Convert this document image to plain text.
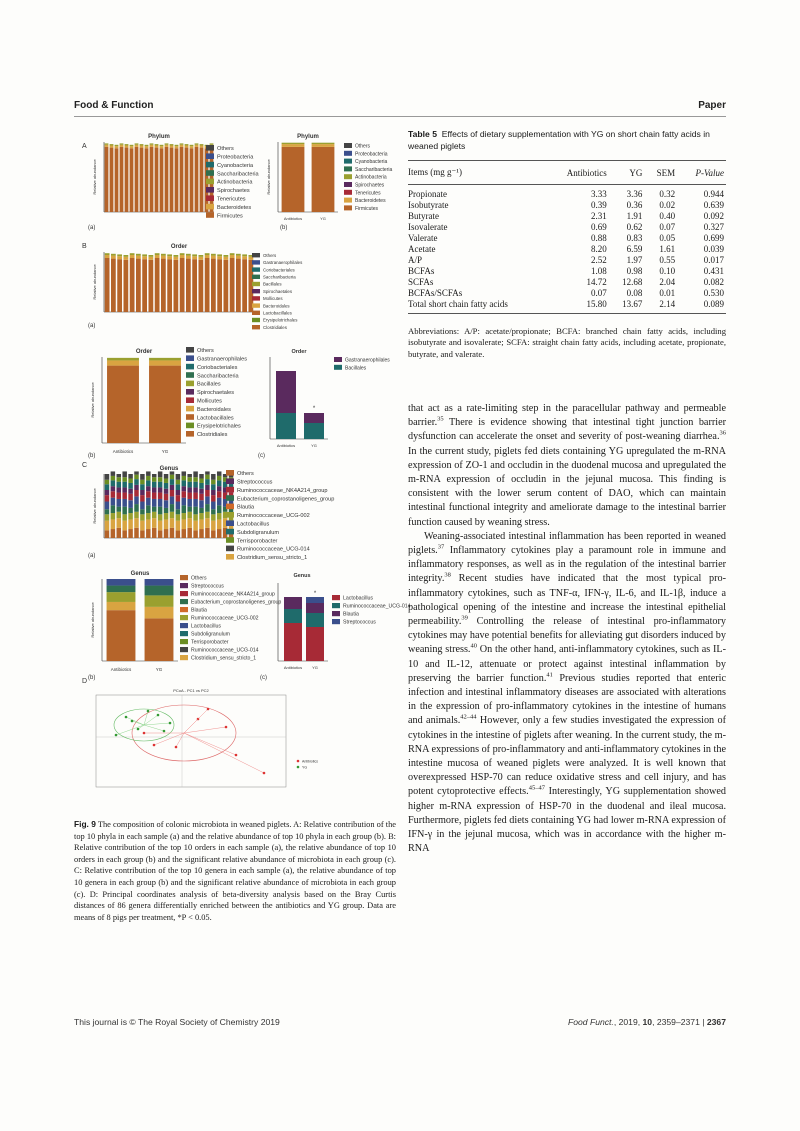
Food & Function	Paper
A
Phylum
Relative abundance
Others
Proteobacteria
Cyanobacteria
Saccharibacteria
Actinobacteria
Spirochaetes
Tenericutes
Bacteroidetes
Firmicutes
(a)
Phylum
Relative abundance
Antibiotics	YG
Others
Proteobacteria
Cyanobacteria
Saccharibacteria
Actinobacteria
Spirochaetes
Tenericutes
Bacteroidetes
Firmicutes
(b)
B	Order
Relative abundance
Others
Gastranaerophilales
Coriobacteriales
Saccharibacteria
Bacillales
Spirochaetales
Mollicutes
Bacteroidales
Lactobacillales
Erysipelotrichales
Clostridiales
(a)
Order
Relative abundance
Antibiotics	YG
Others
Gastranaerophilales
Coriobacteriales
Saccharibacteria
Bacillales
Spirochaetales
Mollicutes
Bacteroidales
Lactobacillales
Erysipelotrichales
Clostridiales
(b)
*
Order
Antibiotics	YG
Gastranaerophilales
Bacillales
(c)
C	Genus
Relative abundance
Others
Streptococcus
Ruminococcaceae_NK4A214_group
Eubacterium_coprostanoligenes_group
Blautia
Ruminococcaceae_UCG-002
Lactobacillus
Subdoligranulum
Terrisporobacter
Ruminococcaceae_UCG-014
Clostridium_sensu_stricto_1
(a)
Genus
Relative abundance
Antibiotics	YG
Others
Streptococcus
Ruminococcaceae_NK4A214_group
Eubacterium_coprostanoligenes_group
Blautia
Ruminococcaceae_UCG-002
Lactobacillus
Subdoligranulum
Terrisporobacter
Ruminococcaceae_UCG-014
Clostridium_sensu_stricto_1
(b)
*
Genus
Antibiotics YG
Lactobacillus
Ruminococcaceae_UCG-014
Blautia
Streptococcus
(c)
D
PCoA - PC1 vs PC2
Antibiotics
YG
Fig. 9 The composition of colonic microbiota in weaned piglets. A: Relative contribution of the top 10 phyla in each sample (a) and the relative abundance of top 10 phyla in each group (b). B: Relative contribution of the top 10 orders in each sample (a), the relative abundance of top 10 orders in each group (b) and the significant relative abundance of microbiota in each group (c). C: Relative contribution of the top 10 genera in each sample (a), the relative abundance of top 10 genera in each group (b) and the significant relative abundance of microbiota in each group (c). D: Principal coordinates analysis of beta-diversity analysis based on the Bray Curtis distances of 86 genera differentially enriched between the antibiotics and YG group. Data are means of 8 pigs per treatment, *P < 0.05.
Table 5 Effects of dietary supplementation with YG on short chain fatty acids in weaned piglets
Items (mg g⁻¹)	Antibiotics	YG	SEM	P-Value
Propionate	3.33	3.36	0.32	0.944
Isobutyrate	0.39	0.36	0.02	0.639
Butyrate	2.31	1.91	0.40	0.092
Isovalerate	0.69	0.62	0.07	0.327
Valerate	0.88	0.83	0.05	0.699
Acetate	8.20	6.59	1.61	0.039
A/P	2.52	1.97	0.55	0.017
BCFAs	1.08	0.98	0.10	0.431
SCFAs	14.72	12.68	2.04	0.082
BCFAs/SCFAs	0.07	0.08	0.01	0.530
Total short chain fatty acids	15.80	13.67	2.14	0.089
Abbreviations: A/P: acetate/propionate; BCFA: branched chain fatty acids, including isobutyrate and isovalerate; SCFA: straight chain fatty acids, including acetate, propionate, butyrate, and valerate.

that act as a rate-limiting step in the paracellular pathway and permeable barrier.$^{35}$ There is evidence showing that intestinal tight junction barrier dysfunction can accelerate the onset and severity of post-weaning diarrhea.$^{36}$ In the current study, piglets fed diets containing YG upregulated the m-RNA expression of ZO-1 and occludin in the duodenal mucosa and upregulated the m-RNA expression of occludin in the jejunal mucosa. This finding is consistent with the lower serum content of DAO, which can maintain intestinal functional integrity and ameliorate damage to the intestinal barrier function caused by weaning stress.

Weaning-associated intestinal inflammation has been reported in weaned piglets.$^{37}$ Inflammatory cytokines play a paramount role in immune and inflammatory responses, as well as in the regulation of the intestinal barrier integrity.$^{38}$ Recent studies have indicated that the most typical pro-inflammatory cytokines, such as TNF-α, IFN-γ, IL-6, and IL-1β, induce a pathological opening of the intestine and increase the intestinal epithelial permeability.$^{39}$ Controlling the release of intestinal pro-inflammatory cytokines may have potential benefits for alleviating gut disorders induced by weaning stress.$^{40}$ On the other hand, anti-inflammatory cytokines, such as IL-10 and IL-12, attenuate or protect against intestinal inflammation by preserving the barrier function.$^{41}$ Previous studies reported that enteric infection and intestinal inflammatory diseases are associated with alterations in the expression of pro-inflammatory cytokines in the intestine of humans and animals.$^{42-44}$ However, only a few studies investigated the expression of cytokines in the intestine of piglets after weaning. In the current study, the m-RNA expressions of pro-inflammatory and anti-inflammatory cytokines in the intestine mucosa of weaned piglets were analyzed. It is well known that overexpressed HSP-70 can reduce oxidative stress and cell injury, and has potent cytoprotective effects.$^{45-47}$ Interestingly, YG supplementation showed higher m-RNA expression of HSP-70 in the duodenal and ileal mucosa. Furthermore, piglets fed diets containing YG had lower m-RNA expression of IFN-γ in the jejunal mucosa, which was in accordance with the higher m-RNA

This journal is © The Royal Society of Chemistry 2019	Food Funct., 2019, 10, 2359–2371 | 2367
